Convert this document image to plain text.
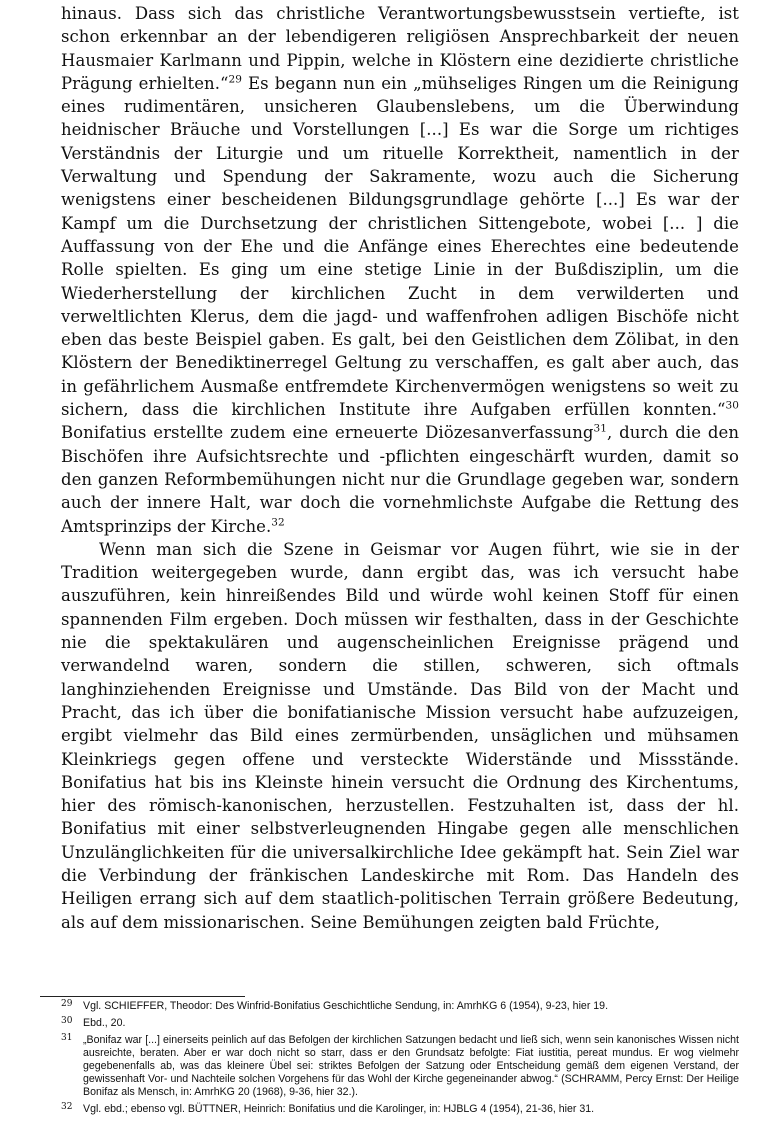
hinaus. Dass sich das christliche Verantwortungsbewusstsein vertiefte, ist schon erkennbar an der lebendigeren religiösen Ansprechbarkeit der neuen Hausmaier Karlmann und Pippin, welche in Klöstern eine dezidierte christliche Prägung erhielten.“$^{29}$ Es begann nun ein „mühseliges Ringen um die Reinigung eines rudimentären, unsicheren Glaubenslebens, um die Überwindung heidnischer Bräuche und Vorstellungen [...] Es war die Sorge um richtiges Verständnis der Liturgie und um rituelle Korrektheit, namentlich in der Verwaltung und Spendung der Sakramente, wozu auch die Sicherung wenigstens einer bescheidenen Bildungsgrundlage gehörte [...] Es war der Kampf um die Durchsetzung der christlichen Sittengebote, wobei [... ] die Auffassung von der Ehe und die Anfänge eines Eherechtes eine bedeutende Rolle spielten. Es ging um eine stetige Linie in der Bußdisziplin, um die Wiederherstellung der kirchlichen Zucht in dem verwilderten und verweltlichten Klerus, dem die jagd- und waffenfrohen adligen Bischöfe nicht eben das beste Beispiel gaben. Es galt, bei den Geistlichen dem Zölibat, in den Klöstern der Benediktinerregel Geltung zu verschaffen, es galt aber auch, das in gefährlichem Ausmaße entfremdete Kirchenvermögen wenigstens so weit zu sichern, dass die kirchlichen Institute ihre Aufgaben erfüllen konnten.“$^{30}$ Bonifatius erstellte zudem eine erneuerte Diözesanverfassung$^{31}$, durch die den Bischöfen ihre Aufsichtsrechte und -pflichten eingeschärft wurden, damit so den ganzen Reformbemühungen nicht nur die Grundlage gegeben war, sondern auch der innere Halt, war doch die vornehmlichste Aufgabe die Rettung des Amtsprinzips der Kirche.$^{32}$

Wenn man sich die Szene in Geismar vor Augen führt, wie sie in der Tradition weitergegeben wurde, dann ergibt das, was ich versucht habe auszuführen, kein hinreißendes Bild und würde wohl keinen Stoff für einen spannenden Film ergeben. Doch müssen wir festhalten, dass in der Geschichte nie die spektakulären und augenscheinlichen Ereignisse prägend und verwandelnd waren, sondern die stillen, schweren, sich oftmals langhinziehenden Ereignisse und Umstände. Das Bild von der Macht und Pracht, das ich über die bonifatianische Mission versucht habe aufzuzeigen, ergibt vielmehr das Bild eines zermürbenden, unsäglichen und mühsamen Kleinkriegs gegen offene und versteckte Widerstände und Missstände. Bonifatius hat bis ins Kleinste hinein versucht die Ordnung des Kirchentums, hier des römisch-kanonischen, herzustellen. Festzuhalten ist, dass der hl. Bonifatius mit einer selbstverleugnenden Hingabe gegen alle menschlichen Unzulänglichkeiten für die universalkirchliche Idee gekämpft hat. Sein Ziel war die Verbindung der fränkischen Landeskirche mit Rom. Das Handeln des Heiligen errang sich auf dem staatlich-politischen Terrain größere Bedeutung, als auf dem missionarischen. Seine Bemühungen zeigten bald Früchte,

29 Vgl. SCHIEFFER, Theodor: Des Winfrid-Bonifatius Geschichtliche Sendung, in: AmrhKG 6 (1954), 9-23, hier 19.
30 Ebd., 20.
31 „Bonifaz war [...] einerseits peinlich auf das Befolgen der kirchlichen Satzungen bedacht und ließ sich, wenn sein kanonisches Wissen nicht ausreichte, beraten. Aber er war doch nicht so starr, dass er den Grundsatz befolgte: Fiat iustitia, pereat mundus. Er wog vielmehr gegebenenfalls ab, was das kleinere Übel sei: striktes Befolgen der Satzung oder Entscheidung gemäß dem eigenen Verstand, der gewissenhaft Vor- und Nachteile solchen Vorgehens für das Wohl der Kirche gegeneinander abwog.“ (SCHRAMM, Percy Ernst: Der Heilige Bonifaz als Mensch, in: AmrhKG 20 (1968), 9-36, hier 32.).
32 Vgl. ebd.; ebenso vgl. BÜTTNER, Heinrich: Bonifatius und die Karolinger, in: HJBLG 4 (1954), 21-36, hier 31.
